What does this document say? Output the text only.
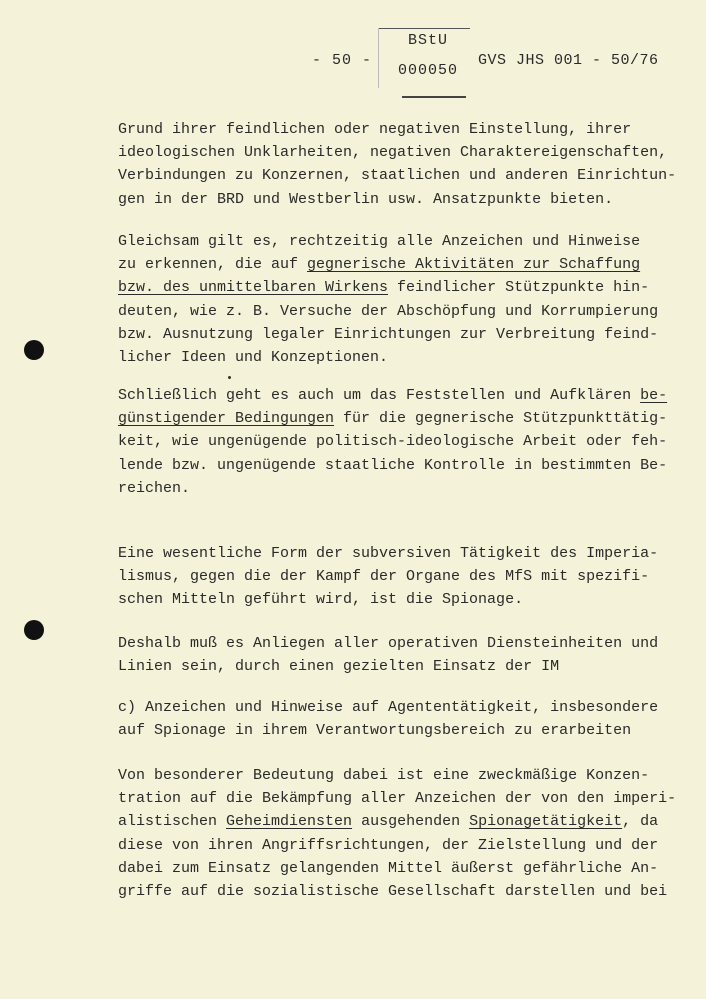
- 50 -
BStU
000050
GVS JHS 001 - 50/76
Grund ihrer feindlichen oder negativen Einstellung, ihrer
ideologischen Unklarheiten, negativen Charaktereigenschaften,
Verbindungen zu Konzernen, staatlichen und anderen Einrichtun-
gen in der BRD und Westberlin usw. Ansatzpunkte bieten.
Gleichsam gilt es, rechtzeitig alle Anzeichen und Hinweise
zu erkennen, die auf gegnerische Aktivitäten zur Schaffung
bzw. des unmittelbaren Wirkens feindlicher Stützpunkte hin-
deuten, wie z. B. Versuche der Abschöpfung und Korrumpierung
bzw. Ausnutzung legaler Einrichtungen zur Verbreitung feind-
licher Ideen und Konzeptionen.
Schließlich geht es auch um das Feststellen und Aufklären be-
günstigender Bedingungen für die gegnerische Stützpunkttätig-
keit, wie ungenügende politisch-ideologische Arbeit oder feh-
lende bzw. ungenügende staatliche Kontrolle in bestimmten Be-
reichen.
Eine wesentliche Form der subversiven Tätigkeit des Imperia-
lismus, gegen die der Kampf der Organe des MfS mit spezifi-
schen Mitteln geführt wird, ist die Spionage.
Deshalb muß es Anliegen aller operativen Diensteinheiten und
Linien sein, durch einen gezielten Einsatz der IM
c) Anzeichen und Hinweise auf Agententätigkeit, insbesondere
auf Spionage in ihrem Verantwortungsbereich zu erarbeiten
Von besonderer Bedeutung dabei ist eine zweckmäßige Konzen-
tration auf die Bekämpfung aller Anzeichen der von den imperi-
alistischen Geheimdiensten ausgehenden Spionagetätigkeit, da
diese von ihren Angriffsrichtungen, der Zielstellung und der
dabei zum Einsatz gelangenden Mittel äußerst gefährliche An-
griffe auf die sozialistische Gesellschaft darstellen und bei
